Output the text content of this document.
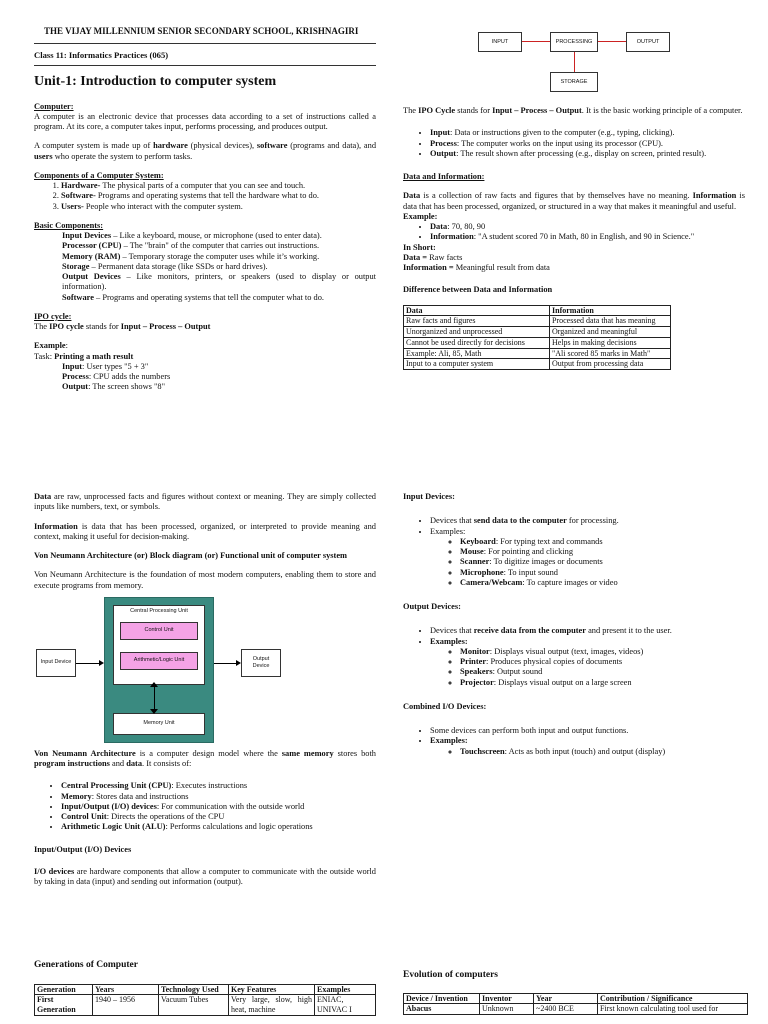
THE VIJAY MILLENNIUM SENIOR SECONDARY SCHOOL, KRISHNAGIRI
Class 11: Informatics Practices (065)
Unit-1: Introduction to computer system
Computer:

A computer is an electronic device that processes data according to a set of instructions called a program. At its core, a computer takes input, performs processing, and produces output.

A computer system is made up of hardware (physical devices), software (programs and data), and users who operate the system to perform tasks.

Components of a Computer System:
1. Hardware- The physical parts of a computer that you can see and touch.
2. Software- Programs and operating systems that tell the hardware what to do.
3. Users- People who interact with the computer system.
Basic Components:
Input Devices – Like a keyboard, mouse, or microphone (used to enter data).
Processor (CPU) – The "brain" of the computer that carries out instructions.
Memory (RAM) – Temporary storage the computer uses while it’s working.
Storage – Permanent data storage (like SSDs or hard drives).
Output Devices – Like monitors, printers, or speakers (used to display or output information).
Software – Programs and operating systems that tell the computer what to do.
IPO cycle:
The IPO cycle stands for Input – Process – Output
Example:
Task: Printing a math result
Input: User types "5 + 3"
Process: CPU adds the numbers
Output: The screen shows "8"
INPUT	PROCESSING	OUTPUT
STORAGE

The IPO Cycle stands for Input – Process – Output. It is the basic working principle of a computer.

• Input: Data or instructions given to the computer (e.g., typing, clicking).
• Process: The computer works on the input using its processor (CPU).
• Output: The result shown after processing (e.g., display on screen, printed result).
Data and Information:
Data is a collection of raw facts and figures that by themselves have no meaning. Information is data that has been processed, organized, or structured in a way that makes it meaningful and useful.
Example:
• Data: 70, 80, 90
• Information: "A student scored 70 in Math, 80 in English, and 90 in Science."
In Short:
Data = Raw facts
Information = Meaningful result from data
Difference between Data and Information
Data	Information
Raw facts and figures	Processed data that has meaning
Unorganized and unprocessed	Organized and meaningful
Cannot be used directly for decisions	Helps in making decisions
Example: Ali, 85, Math	"Ali scored 85 marks in Math"
Input to a computer system	Output from processing data

Data are raw, unprocessed facts and figures without context or meaning. They are simply collected inputs like numbers, text, or symbols.

Information is data that has been processed, organized, or interpreted to provide meaning and context, making it useful for decision-making.

Von Neumann Architecture (or) Block diagram (or) Functional unit of computer system

Von Neumann Architecture is the foundation of most modern computers, enabling them to store and execute programs from memory.

Central Processing Unit
Control Unit
Arithmetic/Logic Unit
Memory Unit
Input Device
Output Device

Von Neumann Architecture is a computer design model where the same memory stores both program instructions and data. It consists of:

• Central Processing Unit (CPU): Executes instructions
• Memory: Stores data and instructions
• Input/Output (I/O) devices: For communication with the outside world
• Control Unit: Directs the operations of the CPU
• Arithmetic Logic Unit (ALU): Performs calculations and logic operations
Input/Output (I/O) Devices

I/O devices are hardware components that allow a computer to communicate with the outside world by taking in data (input) and sending out information (output).

Input Devices:
• Devices that send data to the computer for processing.
• Examples:
◦ Keyboard: For typing text and commands
◦ Mouse: For pointing and clicking
◦ Scanner: To digitize images or documents
◦ Microphone: To input sound
◦ Camera/Webcam: To capture images or video
Output Devices:
• Devices that receive data from the computer and present it to the user.
• Examples:
◦ Monitor: Displays visual output (text, images, videos)
◦ Printer: Produces physical copies of documents
◦ Speakers: Output sound
◦ Projector: Displays visual output on a large screen
Combined I/O Devices:
• Some devices can perform both input and output functions.
• Examples:
◦ Touchscreen: Acts as both input (touch) and output (display)
Generations of Computer
Generation	Years	Technology Used	Key Features	Examples
First Generation	1940 – 1956	Vacuum Tubes	Very large, slow, high heat, machine	ENIAC, UNIVAC I
Evolution of computers
Device / Invention	Inventor	Year	Contribution / Significance
Abacus	Unknown	~2400 BCE	First known calculating tool used for
